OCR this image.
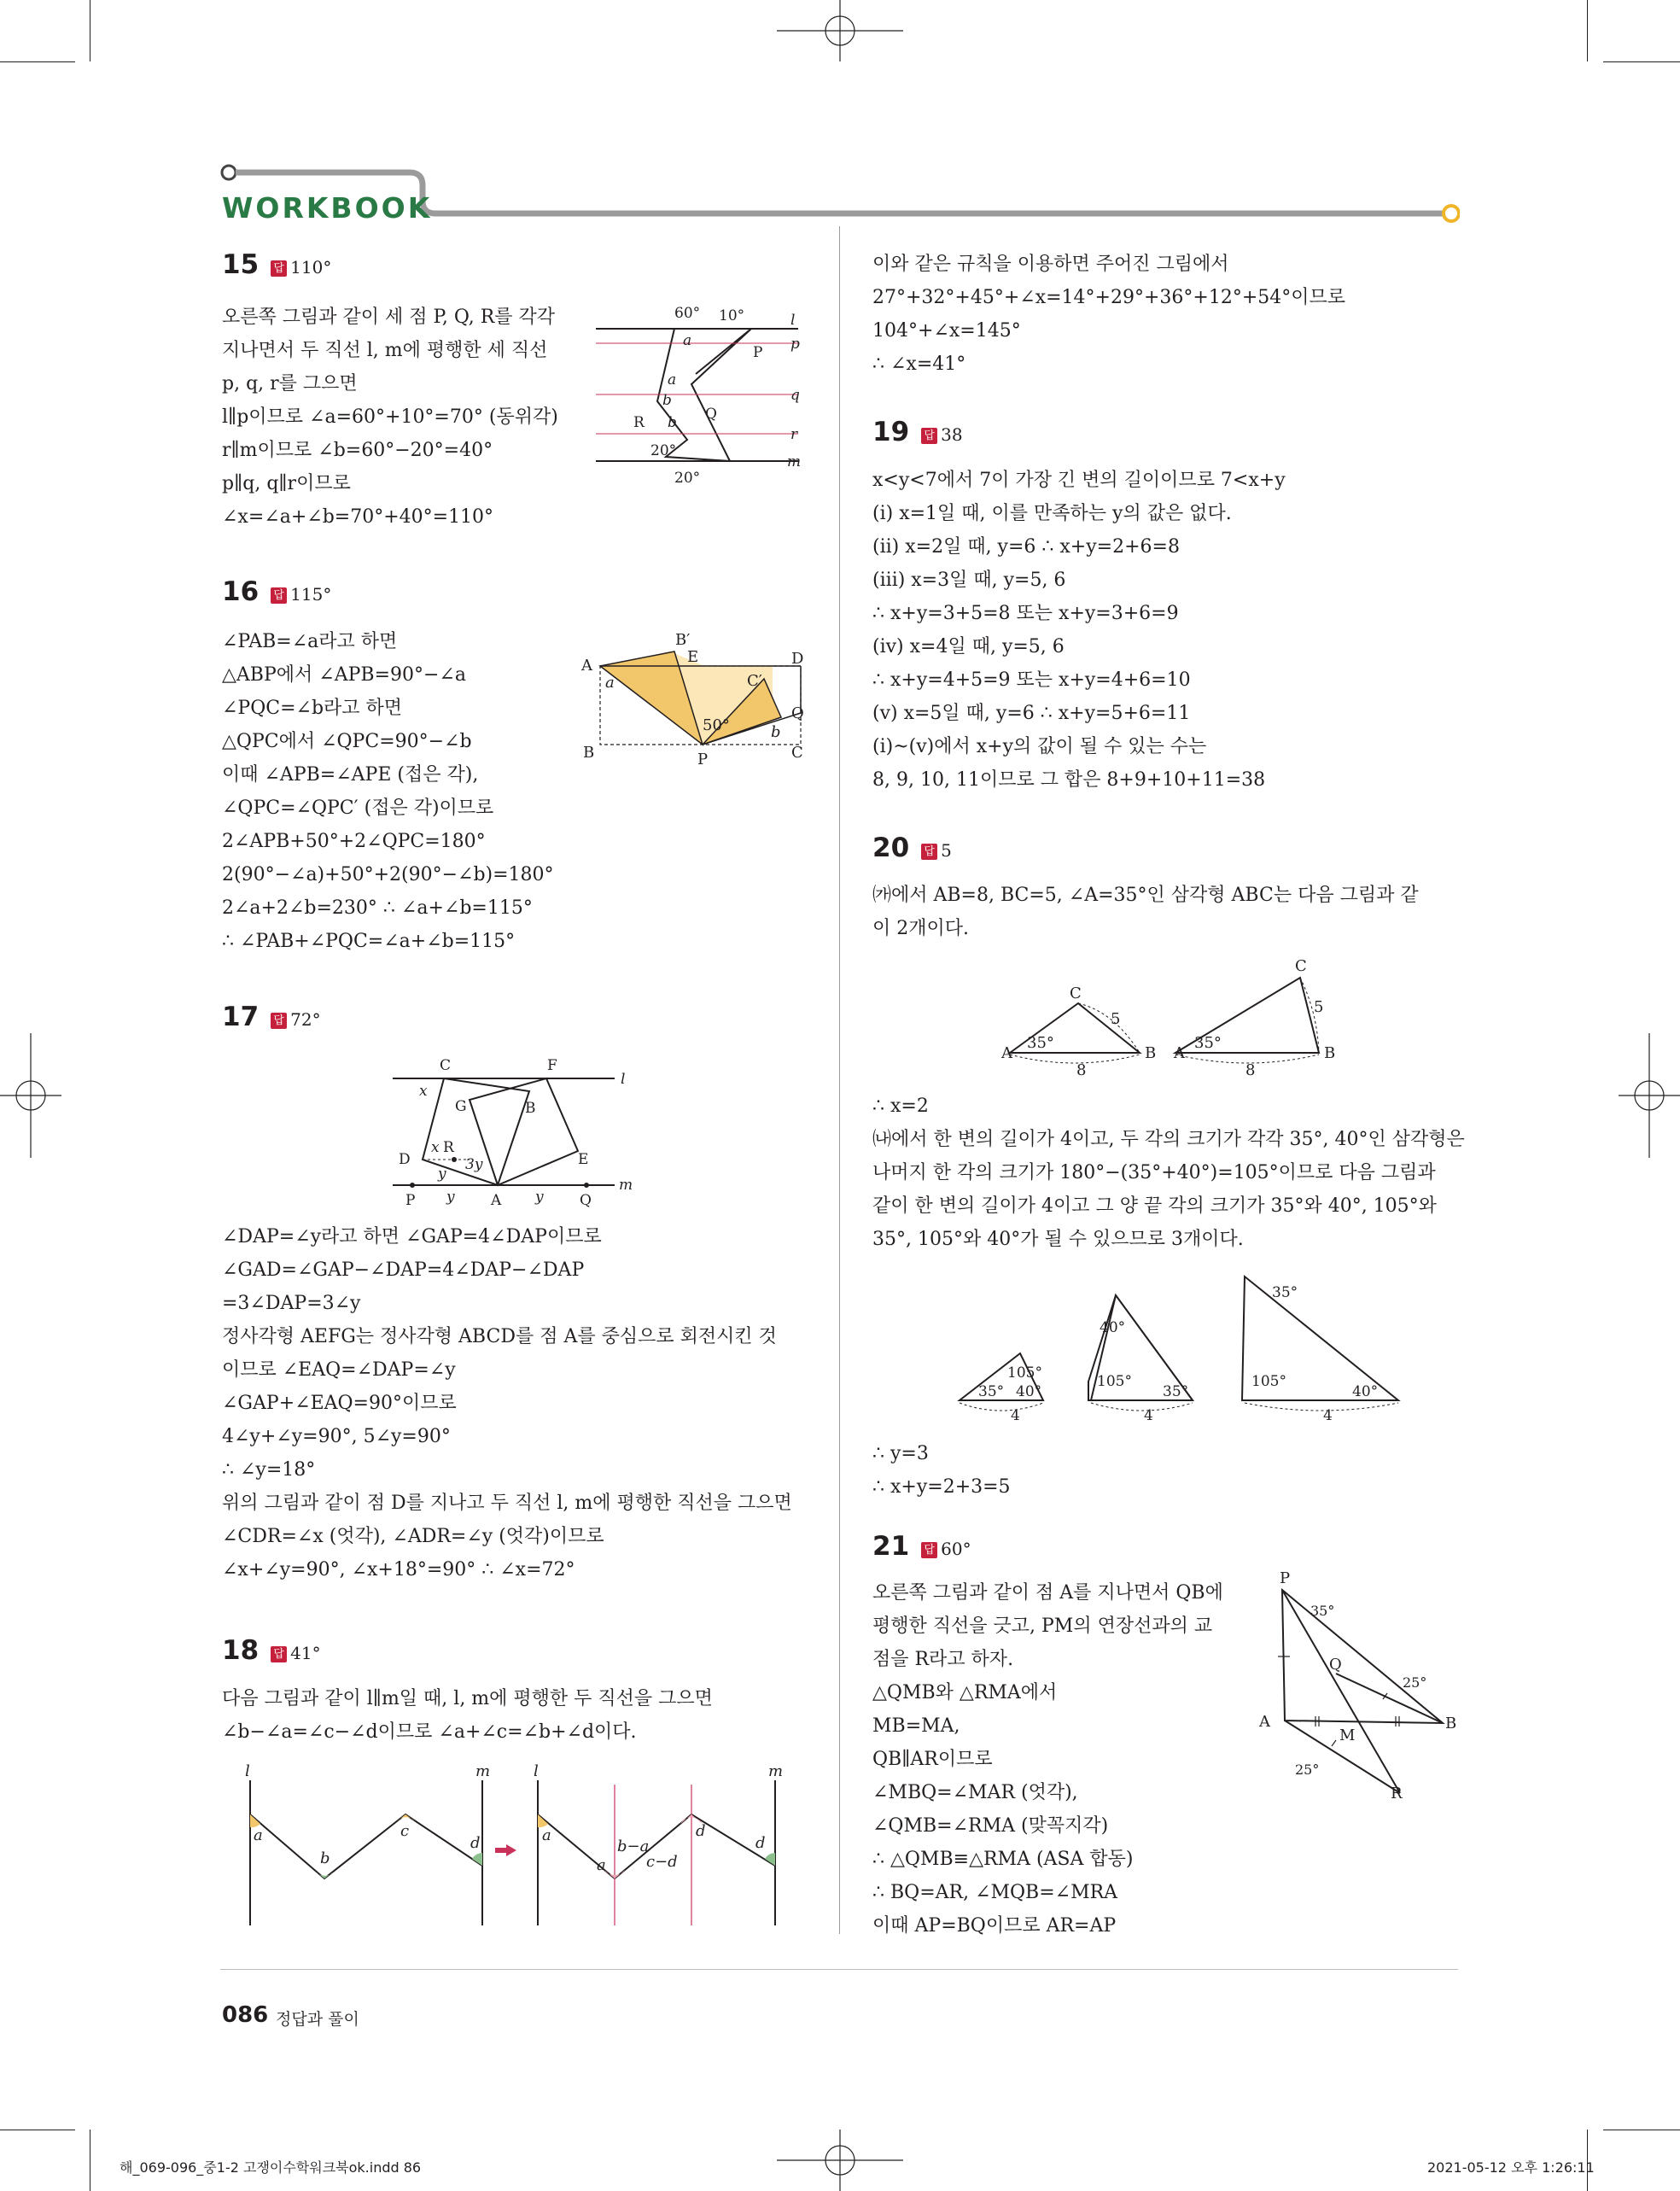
WORKBOOK
15 답 110°
오른쪽 그림과 같이 세 점 P, Q, R를 각각
지나면서 두 직선 l, m에 평행한 세 직선
p, q, r를 그으면
l∥p이므로 ∠a=60°+10°=70° (동위각)
r∥m이므로 ∠b=60°−20°=40°
p∥q, q∥r이므로
∠x=∠a+∠b=70°+40°=110°
60° 10°	l
p
a
P
a
q
b
Q
R b
r
20°
m
20°
16 답 115°
∠PAB=∠a라고 하면
△ABP에서 ∠APB=90°−∠a
∠PQC=∠b라고 하면
△QPC에서 ∠QPC=90°−∠b
이때 ∠APB=∠APE (접은 각),
∠QPC=∠QPC′ (접은 각)이므로
2∠APB+50°+2∠QPC=180°
2(90°−∠a)+50°+2(90°−∠b)=180°
2∠a+2∠b=230° ∴ ∠a+∠b=115°
∴ ∠PAB+∠PQC=∠a+∠b=115°
B′
E	D
A
a	C′
Q
b
50°
B	P	C
17 답 72°
C	F
l
x
G	B
x R
D	3y	E
y
P y A y Q
m
∠DAP=∠y라고 하면 ∠GAP=4∠DAP이므로
∠GAD=∠GAP−∠DAP=4∠DAP−∠DAP
=3∠DAP=3∠y
정사각형 AEFG는 정사각형 ABCD를 점 A를 중심으로 회전시킨 것
이므로 ∠EAQ=∠DAP=∠y
∠GAP+∠EAQ=90°이므로
4∠y+∠y=90°, 5∠y=90°
∴ ∠y=18°
위의 그림과 같이 점 D를 지나고 두 직선 l, m에 평행한 직선을 그으면
∠CDR=∠x (엇각), ∠ADR=∠y (엇각)이므로
∠x+∠y=90°, ∠x+18°=90° ∴ ∠x=72°
18 답 41°
다음 그림과 같이 l∥m일 때, l, m에 평행한 두 직선을 그으면
∠b−∠a=∠c−∠d이므로 ∠a+∠c=∠b+∠d이다.
l	m
a
b
c
d
l	m
a
a
b−a
c−d
d
d
이와 같은 규칙을 이용하면 주어진 그림에서
27°+32°+45°+∠x=14°+29°+36°+12°+54°이므로
104°+∠x=145°
∴ ∠x=41°
19 답 38
x<y<7에서 7이 가장 긴 변의 길이이므로 7<x+y
(ⅰ) x=1일 때, 이를 만족하는 y의 값은 없다.
(ⅱ) x=2일 때, y=6 ∴ x+y=2+6=8
(ⅲ) x=3일 때, y=5, 6
∴ x+y=3+5=8 또는 x+y=3+6=9
(ⅳ) x=4일 때, y=5, 6
∴ x+y=4+5=9 또는 x+y=4+6=10
(ⅴ) x=5일 때, y=6 ∴ x+y=5+6=11
(ⅰ)~(ⅴ)에서 x+y의 값이 될 수 있는 수는
8, 9, 10, 11이므로 그 합은 8+9+10+11=38
20 답 5
㈎에서 AB=8, BC=5, ∠A=35°인 삼각형 ABC는 다음 그림과 같
이 2개이다.
C
5
A
35°
B
8
C
5
A
35°
B
8
∴ x=2
㈏에서 한 변의 길이가 4이고, 두 각의 크기가 각각 35°, 40°인 삼각형은
나머지 한 각의 크기가 180°−(35°+40°)=105°이므로 다음 그림과
같이 한 변의 길이가 4이고 그 양 끝 각의 크기가 35°와 40°, 105°와
35°, 105°와 40°가 될 수 있으므로 3개이다.
105°
35° 40°
4
40°
105°
35°
4
35°
105°
40°
4
∴ y=3
∴ x+y=2+3=5
21 답 60°
오른쪽 그림과 같이 점 A를 지나면서 QB에
평행한 직선을 긋고, PM의 연장선과의 교
점을 R라고 하자.
△QMB와 △RMA에서
MB=MA,
QB∥AR이므로
∠MBQ=∠MAR (엇각),
∠QMB=∠RMA (맞꼭지각)
∴ △QMB≡△RMA (ASA 합동)
∴ BQ=AR, ∠MQB=∠MRA
이때 AP=BQ이므로 AR=AP
P
35°
Q
25°
A
M
B
25°
R
086 정답과 풀이
해_069-096_중1-2 고쟁이수학워크북ok.indd 86	2021-05-12 오후 1:26:11
